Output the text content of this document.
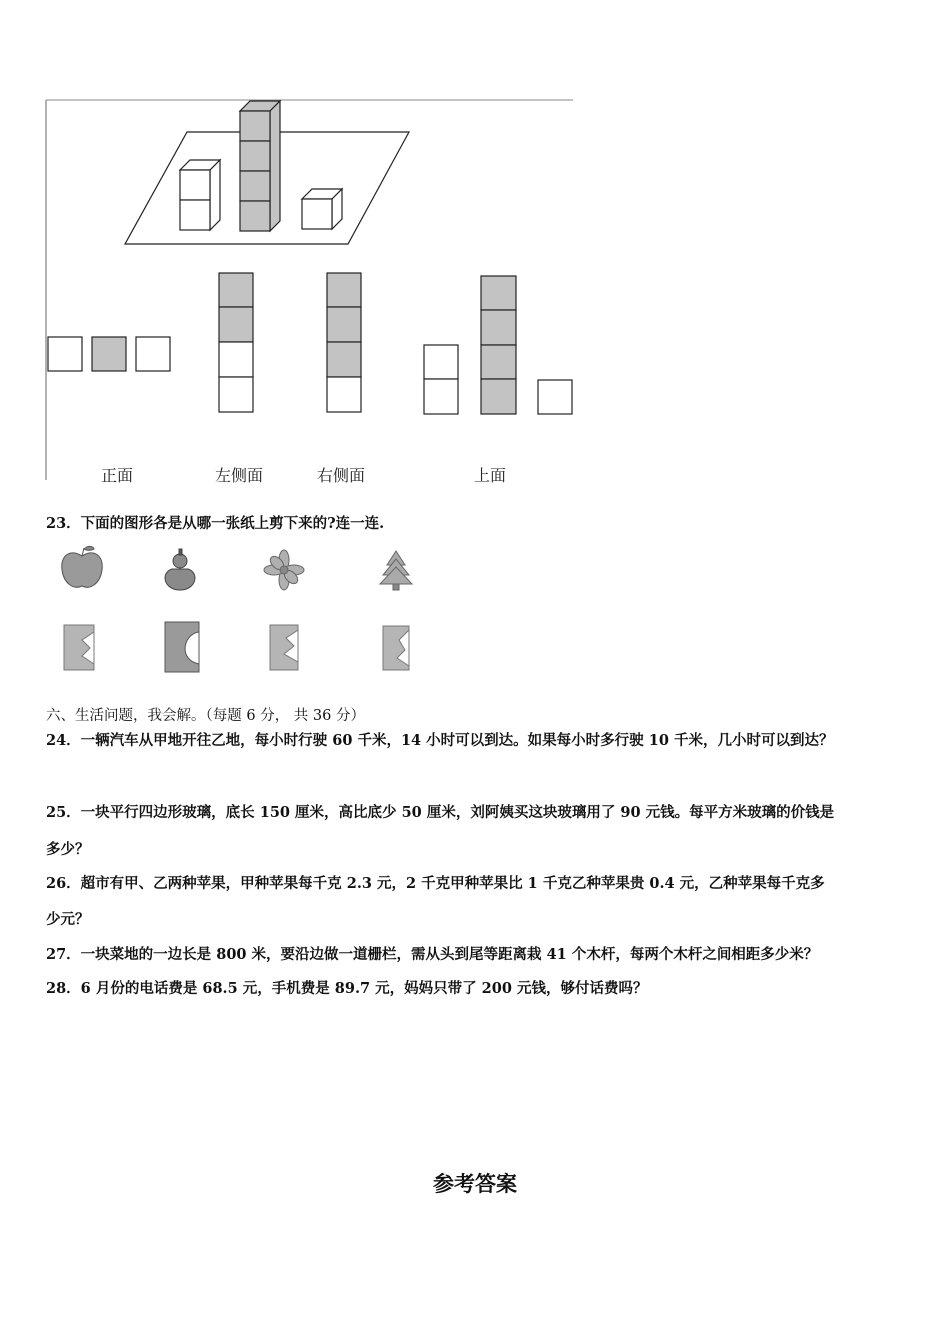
正面	左侧面	右侧面	上面
23．下面的图形各是从哪一张纸上剪下来的?连一连.
六、生活问题，我会解。（每题 6 分， 共 36 分）
24．一辆汽车从甲地开往乙地，每小时行驶 60 千米，14 小时可以到达。如果每小时多行驶 10 千米，几小时可以到达？
25．一块平行四边形玻璃，底长 150 厘米，高比底少 50 厘米，刘阿姨买这块玻璃用了 90 元钱。每平方米玻璃的价钱是
多少？
26．超市有甲、乙两种苹果，甲种苹果每千克 2.3 元，2 千克甲种苹果比 1 千克乙种苹果贵 0.4 元，乙种苹果每千克多
少元？
27．一块菜地的一边长是 800 米，要沿边做一道栅栏，需从头到尾等距离栽 41 个木杆，每两个木杆之间相距多少米？
28．6 月份的电话费是 68.5 元，手机费是 89.7 元，妈妈只带了 200 元钱，够付话费吗？
参考答案
